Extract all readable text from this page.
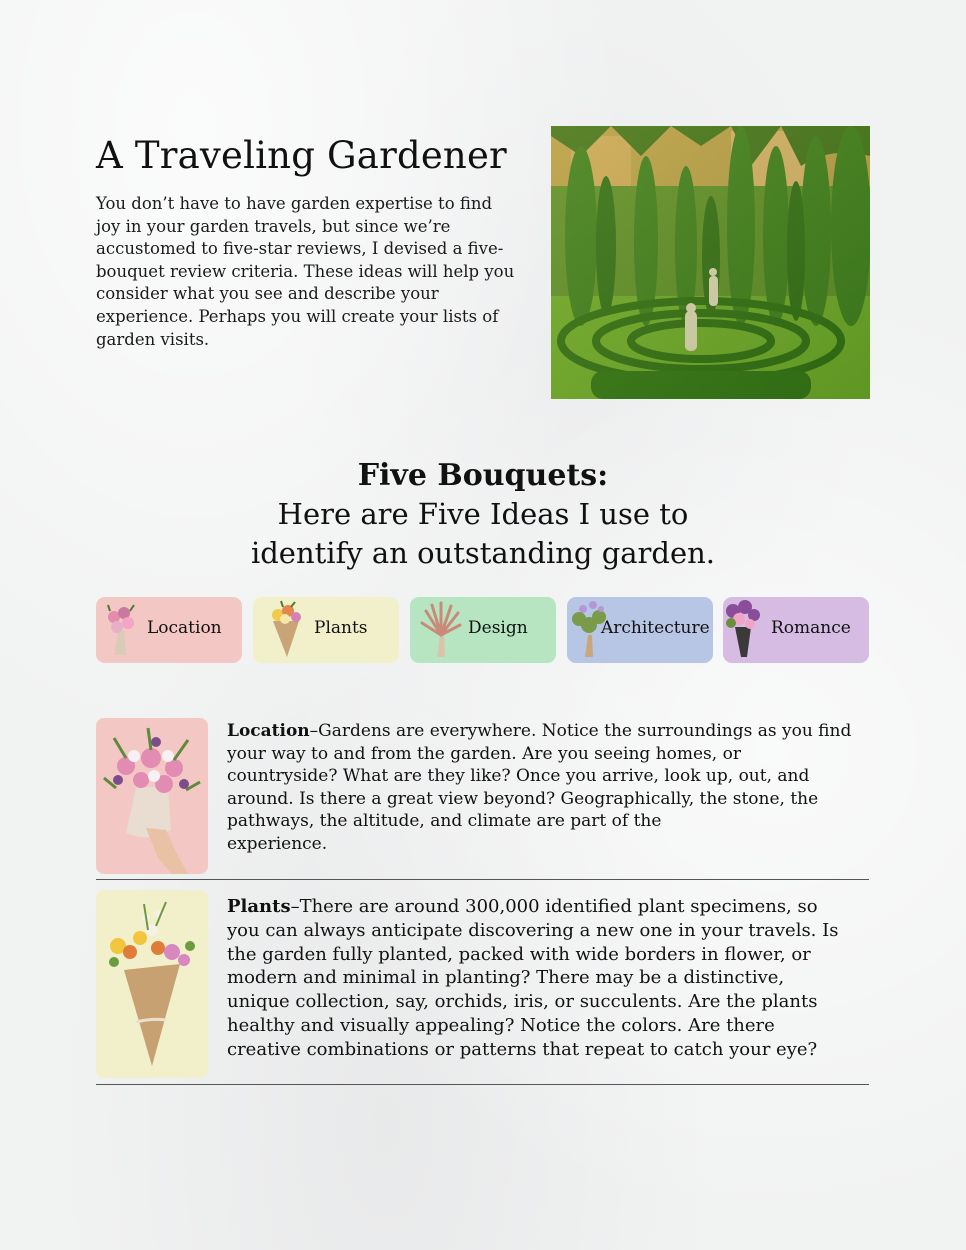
A Traveling Gardener

You don’t have to have garden expertise to find joy in your garden travels, but since we’re accustomed to five-star reviews, I devised a five-bouquet review criteria. These ideas will help you consider what you see and describe your experience. Perhaps you will create your lists of garden visits.

Five Bouquets:
Here are Five Ideas I use to
identify an outstanding garden.
Location	Plants	Design	Architecture	Romance

Location–Gardens are everywhere. Notice the surroundings as you find your way to and from the garden. Are you seeing homes, or countryside? What are they like? Once you arrive, look up, out, and around. Is there a great view beyond? Geographically, the stone, the pathways, the altitude, and climate are part of the
experience.

Plants–There are around 300,000 identified plant specimens, so you can always anticipate discovering a new one in your travels. Is the garden fully planted, packed with wide borders in flower, or modern and minimal in planting? There may be a distinctive, unique collection, say, orchids, iris, or succulents. Are the plants healthy and visually appealing? Notice the colors. Are there creative combinations or patterns that repeat to catch your eye?
